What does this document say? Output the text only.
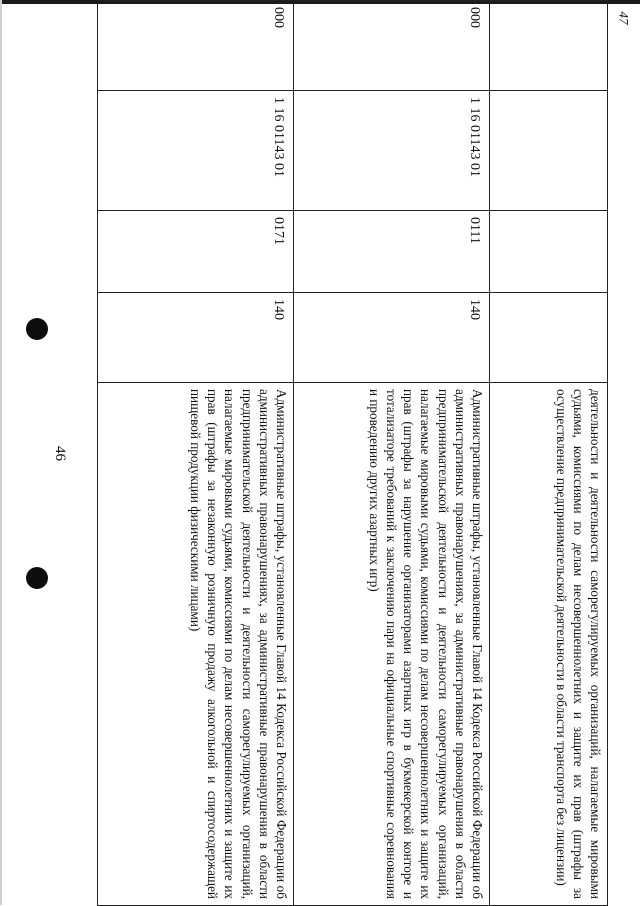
47
46
					деятельности и деятельности саморегулируемых организаций, налагаемые мировыми судьями, комиссиями по делам несовершеннолетних и защите их прав (штрафы за осуществление предпринимательской деятельности в области транспорта без лицензии)
000	1 16 01143 01	0111	140	Административные штрафы, установленные Главой 14 Кодекса Российской Федерации об административных правонарушениях, за административные правонарушения в области предпринимательской деятельности и деятельности саморегулируемых организаций, налагаемые мировыми судьями, комиссиями по делам несовершеннолетних и защите их прав (штрафы за нарушение организаторами азартных игр в букмекерской конторе и тотализаторе требований к заключению пари на официальные спортивные соревнования и проведению других азартных игр)
000	1 16 01143 01	0171	140	Административные штрафы, установленные Главой 14 Кодекса Российской Федерации об административных правонарушениях, за административные правонарушения в области предпринимательской деятельности и деятельности саморегулируемых организаций, налагаемые мировыми судьями, комиссиями по делам несовершеннолетних и защите их прав (штрафы за незаконную розничную продажу алкогольной и спиртосодержащей пищевой продукции физическими лицами)
